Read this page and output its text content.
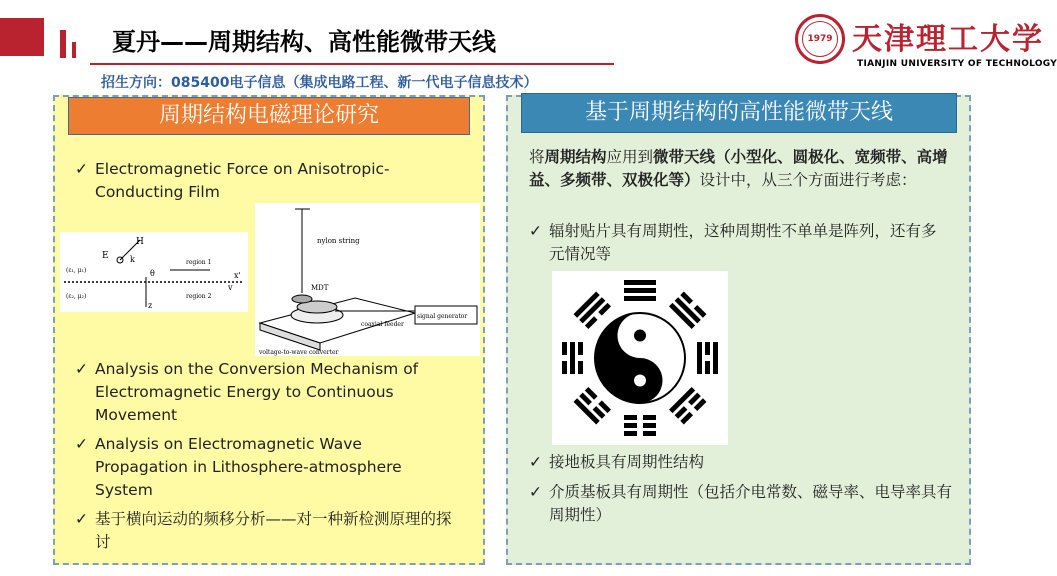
夏丹——周期结构、高性能微带天线
招生方向：085400电子信息（集成电路工程、新一代电子信息技术）
1979 天津理工大学
TIANJIN UNIVERSITY OF TECHNOLOGY
周期结构电磁理论研究
✓ Electromagnetic Force on Anisotropic-Conducting Film
H
E	k
θ	x'
v
z
region 1
region 2
(ε₁, μ₁)
(ε₂, μ₂)
nylon string
MDT
signal generator
coaxial feeder
voltage-to-wave converter
✓ Analysis on the Conversion Mechanism of Electromagnetic Energy to Continuous Movement
✓ Analysis on Electromagnetic Wave Propagation in Lithosphere-atmosphere System
✓ 基于横向运动的频移分析——对一种新检测原理的探讨
基于周期结构的高性能微带天线
将周期结构应用到微带天线（小型化、圆极化、宽频带、高增益、多频带、双极化等）设计中，从三个方面进行考虑：
✓ 辐射贴片具有周期性，这种周期性不单单是阵列，还有多元情况等
✓ 接地板具有周期性结构
✓ 介质基板具有周期性（包括介电常数、磁导率、电导率具有周期性）
